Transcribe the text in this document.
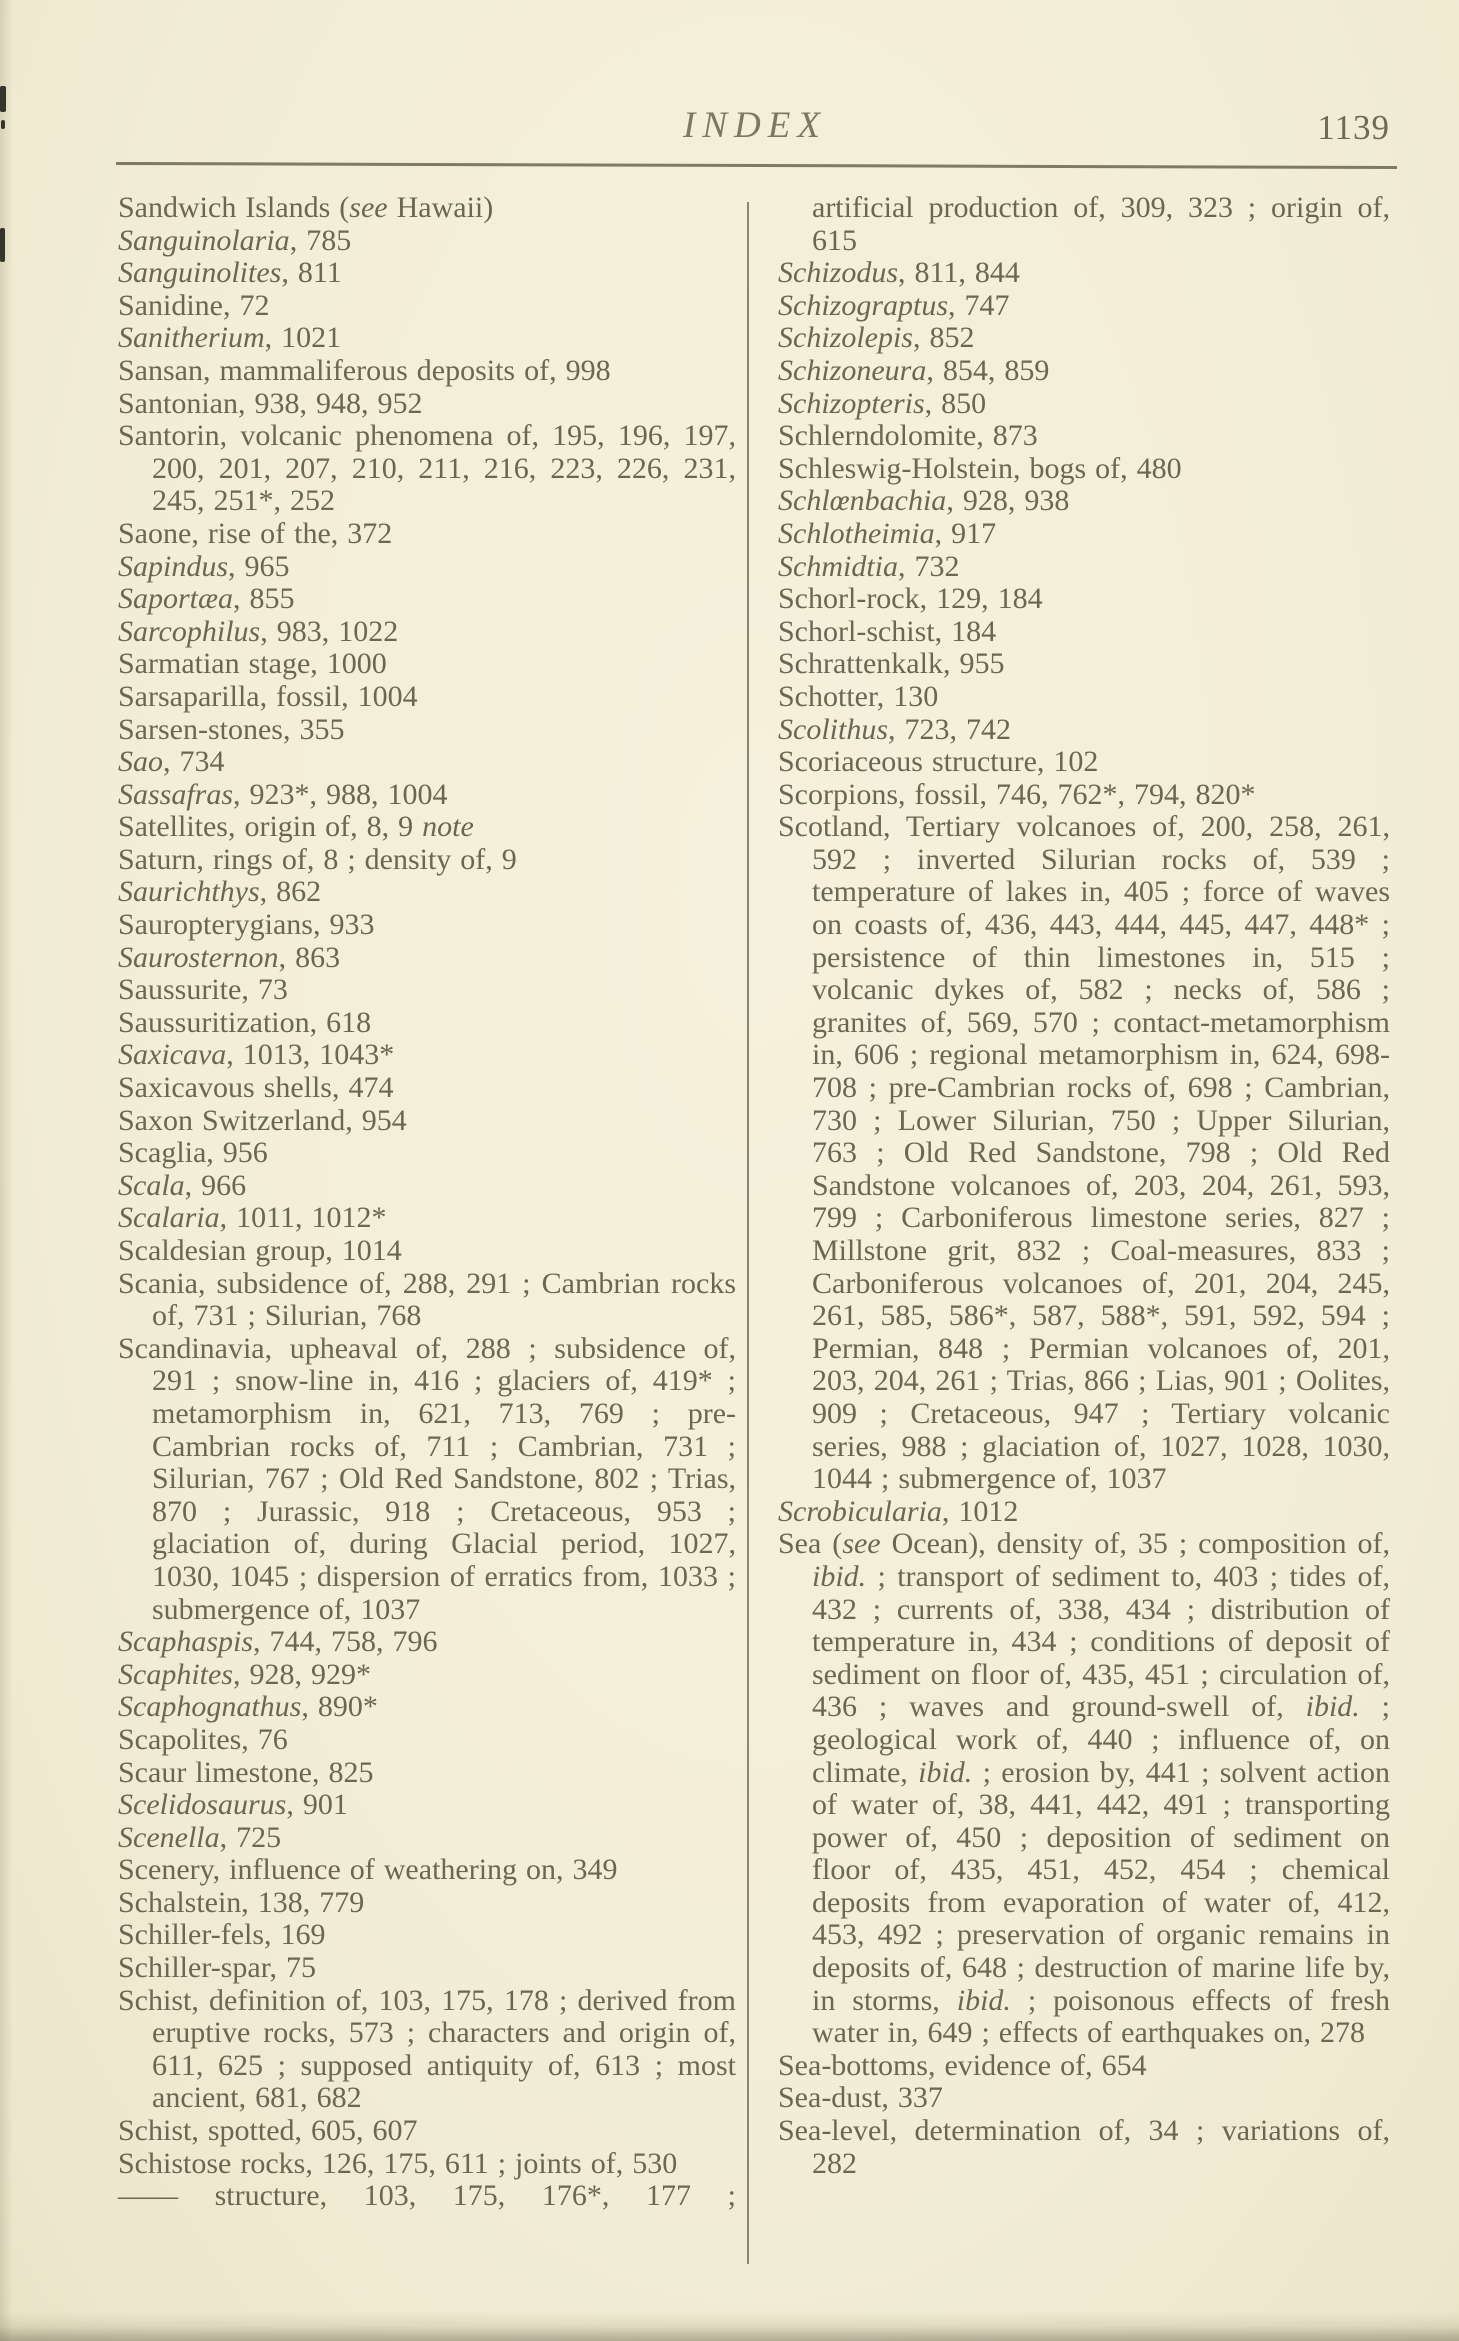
INDEX	1139
Sandwich Islands (see Hawaii)
Sanguinolaria, 785
Sanguinolites, 811
Sanidine, 72
Sanitherium, 1021
Sansan, mammaliferous deposits of, 998
Santonian, 938, 948, 952
Santorin, volcanic phenomena of, 195, 196, 197, 200, 201, 207, 210, 211, 216, 223, 226, 231, 245, 251*, 252
Saone, rise of the, 372
Sapindus, 965
Saportæa, 855
Sarcophilus, 983, 1022
Sarmatian stage, 1000
Sarsaparilla, fossil, 1004
Sarsen-stones, 355
Sao, 734
Sassafras, 923*, 988, 1004
Satellites, origin of, 8, 9 note
Saturn, rings of, 8 ; density of, 9
Saurichthys, 862
Sauropterygians, 933
Saurosternon, 863
Saussurite, 73
Saussuritization, 618
Saxicava, 1013, 1043*
Saxicavous shells, 474
Saxon Switzerland, 954
Scaglia, 956
Scala, 966
Scalaria, 1011, 1012*
Scaldesian group, 1014
Scania, subsidence of, 288, 291 ; Cambrian rocks of, 731 ; Silurian, 768
Scandinavia, upheaval of, 288 ; subsidence of, 291 ; snow-line in, 416 ; glaciers of, 419* ; metamorphism in, 621, 713, 769 ; pre-Cambrian rocks of, 711 ; Cambrian, 731 ; Silurian, 767 ; Old Red Sandstone, 802 ; Trias, 870 ; Jurassic, 918 ; Cretaceous, 953 ; glaciation of, during Glacial period, 1027, 1030, 1045 ; dispersion of erratics from, 1033 ; submergence of, 1037
Scaphaspis, 744, 758, 796
Scaphites, 928, 929*
Scaphognathus, 890*
Scapolites, 76
Scaur limestone, 825
Scelidosaurus, 901
Scenella, 725
Scenery, influence of weathering on, 349
Schalstein, 138, 779
Schiller-fels, 169
Schiller-spar, 75
Schist, definition of, 103, 175, 178 ; derived from eruptive rocks, 573 ; characters and origin of, 611, 625 ; supposed antiquity of, 613 ; most ancient, 681, 682
Schist, spotted, 605, 607
Schistose rocks, 126, 175, 611 ; joints of, 530
—— structure, 103, 175, 176*, 177 ;
artificial production of, 309, 323 ; origin of, 615
Schizodus, 811, 844
Schizograptus, 747
Schizolepis, 852
Schizoneura, 854, 859
Schizopteris, 850
Schlerndolomite, 873
Schleswig-Holstein, bogs of, 480
Schlœnbachia, 928, 938
Schlotheimia, 917
Schmidtia, 732
Schorl-rock, 129, 184
Schorl-schist, 184
Schrattenkalk, 955
Schotter, 130
Scolithus, 723, 742
Scoriaceous structure, 102
Scorpions, fossil, 746, 762*, 794, 820*
Scotland, Tertiary volcanoes of, 200, 258, 261, 592 ; inverted Silurian rocks of, 539 ; temperature of lakes in, 405 ; force of waves on coasts of, 436, 443, 444, 445, 447, 448* ; persistence of thin limestones in, 515 ; volcanic dykes of, 582 ; necks of, 586 ; granites of, 569, 570 ; contact-metamorphism in, 606 ; regional metamorphism in, 624, 698-708 ; pre-Cambrian rocks of, 698 ; Cambrian, 730 ; Lower Silurian, 750 ; Upper Silurian, 763 ; Old Red Sandstone, 798 ; Old Red Sandstone volcanoes of, 203, 204, 261, 593, 799 ; Carboniferous limestone series, 827 ; Millstone grit, 832 ; Coal-measures, 833 ; Carboniferous volcanoes of, 201, 204, 245, 261, 585, 586*, 587, 588*, 591, 592, 594 ; Permian, 848 ; Permian volcanoes of, 201, 203, 204, 261 ; Trias, 866 ; Lias, 901 ; Oolites, 909 ; Cretaceous, 947 ; Tertiary volcanic series, 988 ; glaciation of, 1027, 1028, 1030, 1044 ; submergence of, 1037
Scrobicularia, 1012
Sea (see Ocean), density of, 35 ; composition of, ibid. ; transport of sediment to, 403 ; tides of, 432 ; currents of, 338, 434 ; distribution of temperature in, 434 ; conditions of deposit of sediment on floor of, 435, 451 ; circulation of, 436 ; waves and ground-swell of, ibid. ; geological work of, 440 ; influence of, on climate, ibid. ; erosion by, 441 ; solvent action of water of, 38, 441, 442, 491 ; transporting power of, 450 ; deposition of sediment on floor of, 435, 451, 452, 454 ; chemical deposits from evaporation of water of, 412, 453, 492 ; preservation of organic remains in deposits of, 648 ; destruction of marine life by, in storms, ibid. ; poisonous effects of fresh water in, 649 ; effects of earthquakes on, 278
Sea-bottoms, evidence of, 654
Sea-dust, 337
Sea-level, determination of, 34 ; variations of, 282
